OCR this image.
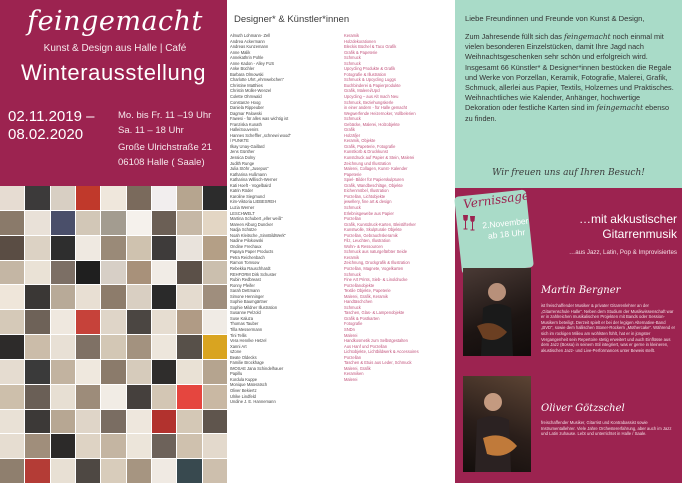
feingemacht
Kunst & Design aus Halle | Café
Winterausstellung
02.11.2019 –
08.02.2020
Mo. bis Fr. 11 –19 Uhr
Sa. 11 – 18 Uhr
Große Ulrichstraße 21
06108 Halle ( Saale)
Designer* & Künstler*innen
Almuth Lohmann- Zell
Andrea Ackermann
Andreas Kunzemann
Anne Malik
Annekathrin Pohle
Anne Kadon - Alley FUS
Anke Büchler
Barbara Olmowski
Charlotte Uhrt „ehrnwebchen“
Christine Matthies
Christin Müller-Wenzel
Colette Ohrnwald
Constanze Hoog
Daniela Rippeuber
Dagmar Palowski
Fawesi - für alles was wichtig ist
Franziska Kunath
HalleiSouvenirs
Hannes Scheffler „schnewi wood“
/ PUNKTE
Ilkay Unay-Gaillard
Jens Günther
Jessica Dolny
Judith Runge
Julia Stöhr „Jusepus“
Katharina Hußmann
Katharina Willisch-Werner
Kati Hoeft - Vogelbaird
Katrin Röder
Karoline Siegmund
Kim-Viktoria LIEBESREH
Luzia Werner
LESCHWELT
Martina Schubert „eller weiß“
Mareen Alburg Duncker
Nadja Schütze
Noah Kleitsche „SinnBildWerk“
Nadine Pilokowski
Ondine Frechaux
Papaya Paper Products
Petra Reichenbach
Ramon Tomsow
Rebekka Rauschhardt
REHFORM Dirk Schuster
Rubin Redbreast
Ronny Pfeifer
Sarah Dettmann
Simone Henninger
Sophie Baumgärtner
Sophie Mildner Illustration
Susanne Pelzold
Suse Kaluza
Thomas Tauber
Tilla Messermann
Tini Tellis
Vera Henrike Hetzel
Xanni Art
sZone
Beate Oldecks
Familie Brockhage
IMOSAE Jana Schindelhauer
Papillu
Kordula Kuppe
Monique Materatsch
Oliver Bekiertz
Ulrike Lindfeld
Undine J. E. Hannemann
Keramik
Holzdekorationen
Bleckis Büchel & Taco Grafik
Grafik & Papeterie
Schmuck
Schmuck
Upcycling Produkte & Grafik
Fotografie & Illustration
Schmuck & Upcycling Luggs
Buchbinderei & Papierprodukte
Grafik, Malerei/Upcl
Upcycling – aus Alt mach Neu
Schmuck, Beziehungskerle
in einer andern - für Halle gemacht
Wegwerfende Heizernoker, Vollbelerien
Schmuck
Gebäcke, Malerei, Holzobjekte
Grafik
Holzäfjer
Keramik, Objekte
Grafik, Papeterie, Fotografie
Kunstkorb & Druckkunst
Kunstdruck auf Papier & Stein, Malerei
Zeichnung und Illustration
Malerei, Collagen, Kunst- Kalender
Papeterie
Spiel- Bilder für Papierskulpturen
Grafik, Wandbeschläge, Objekte
Eichenmöbel, Illustration
Porzellan, Lichtobjekte
jewellery, fine art & design
Schmuck
Erlebnisgewebe aus Papier
Porzellan
Grafik, Kunstdruck-Karten, Bleistifterker
Kunstwolle, Skulpturale Objekte
Porzellan, Gebrauchskeramik
Filz, Leuchten, Illustration
Wohn- & Ressourcen
Schmuck aus naturgefärbter Seide
Keramik
Zeichnung, Druckgrafik & Illustration
Porzellan, Magnete, Vogelkarten
Schmuck
Fine Art Prints, Sieb- & Linoldrucke
Porzellanobjekte
Textile Objekte, Papeterie
Malerei, Grafik, Keramik
Handtäschchen
Schmuck
Taschen, Glas- & Lampenobjekte
Grafik & Postkarten
Fotografie
SNDn
Malerei
Handkosmetik zum Selbstgestalten
Aus Hanf und Porzellan
Lichtobjekte, Lichtbildwerk & Accessoires
Porzellan
Taschen & Etuis aus Leder, Schmuck
Malerei, Grafik
Keramiken
Malerei
Liebe Freundinnen und Freunde von Kunst & Design,

Zum Jahresende füllt sich das feingemacht noch einmal mit vielen besonderen Einzelstücken, damit Ihre Jagd nach Weihnachtsgeschenken sehr schön und erfolgreich wird.

Insgesamt 66 Künstler* & Designer*innen bestücken die Regale und Werke von Porzellan, Keramik, Fotografie, Malerei, Grafik, Schmuck, allerlei aus Papier, Textils, Holzernes und Praktisches.

Weihnachtliches wie Kalender, Anhänger, hochwertige Dekoration oder festliche Karten sind im feingemacht ebenso zu finden.

Wir freuen uns auf Ihren Besuch!
Vernissage
2.November
ab 18 Uhr
…mit akkustischer
Gitarrenmusik
…aus Jazz, Latin, Pop & Improvisiertes
Martin Bergner
ist freischaffender Musiker & privater Gitarrenlehrer an der „Gitarrenschule Halle“. Neben dem Studium der Musikwissenschaft war er in zahlreichen musikalischen Projekten mit Bands oder Session-Musikern beteiligt. Derzeit spielt er bei der legigen Alternative-Band „BVD“, sowie dem hallischen Stoner-Rockern „Mothercake“. Während er sich im rockigen Milieu am wohlsten fühlt, hat er in jüngster Vergangenheit sein Repertoire stetig erweitert und auch Einflüsse aus dem Jazz (Bossa) in seinem Stil integriert, was er gerne in kleineren, akustischen Jazz- und Live-Performances unter Beweis stellt.
Oliver Götzschel
freischaffender Musiker, Gitarrist und Kontrabassist sowie Instrumentallehrer. Viele Jahre Orchestererfahrung, aber auch im Jazz und Latin zuhause. Lebt und unterrichtet in Halle / Saale.
